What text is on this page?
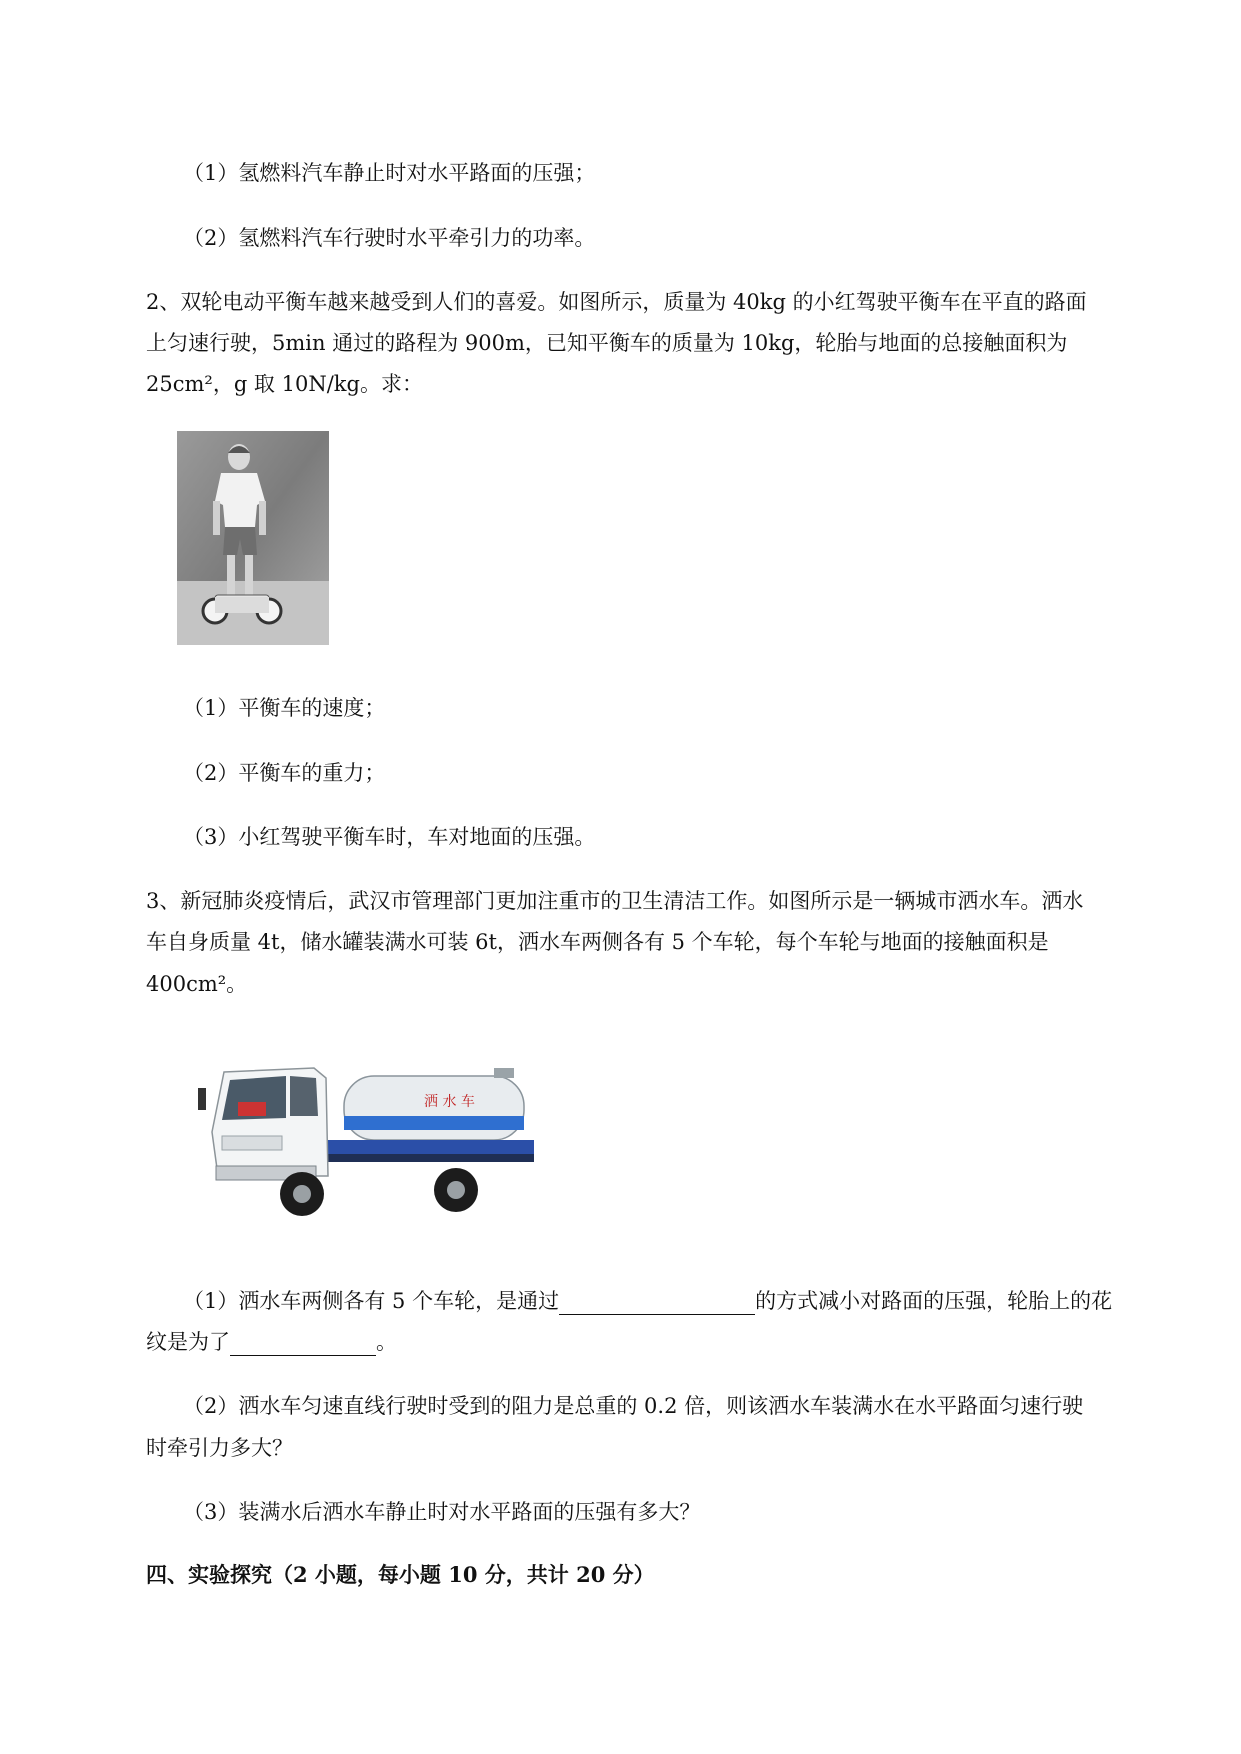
（1）氢燃料汽车静止时对水平路面的压强；
（2）氢燃料汽车行驶时水平牵引力的功率。
2、双轮电动平衡车越来越受到人们的喜爱。如图所示，质量为 40kg 的小红驾驶平衡车在平直的路面
上匀速行驶，5min 通过的路程为 900m，已知平衡车的质量为 10kg，轮胎与地面的总接触面积为
25cm²，g 取 10N/kg。求：
（1）平衡车的速度；
（2）平衡车的重力；
（3）小红驾驶平衡车时，车对地面的压强。
3、新冠肺炎疫情后，武汉市管理部门更加注重市的卫生清洁工作。如图所示是一辆城市洒水车。洒水
车自身质量 4t，储水罐装满水可装 6t，洒水车两侧各有 5 个车轮，每个车轮与地面的接触面积是
400cm²。
洒 水 车
（1）洒水车两侧各有 5 个车轮，是通过	的方式减小对路面的压强，轮胎上的花
纹是为了	。
（2）洒水车匀速直线行驶时受到的阻力是总重的 0.2 倍，则该洒水车装满水在水平路面匀速行驶
时牵引力多大？
（3）装满水后洒水车静止时对水平路面的压强有多大？
四、实验探究（2 小题，每小题 10 分，共计 20 分）
